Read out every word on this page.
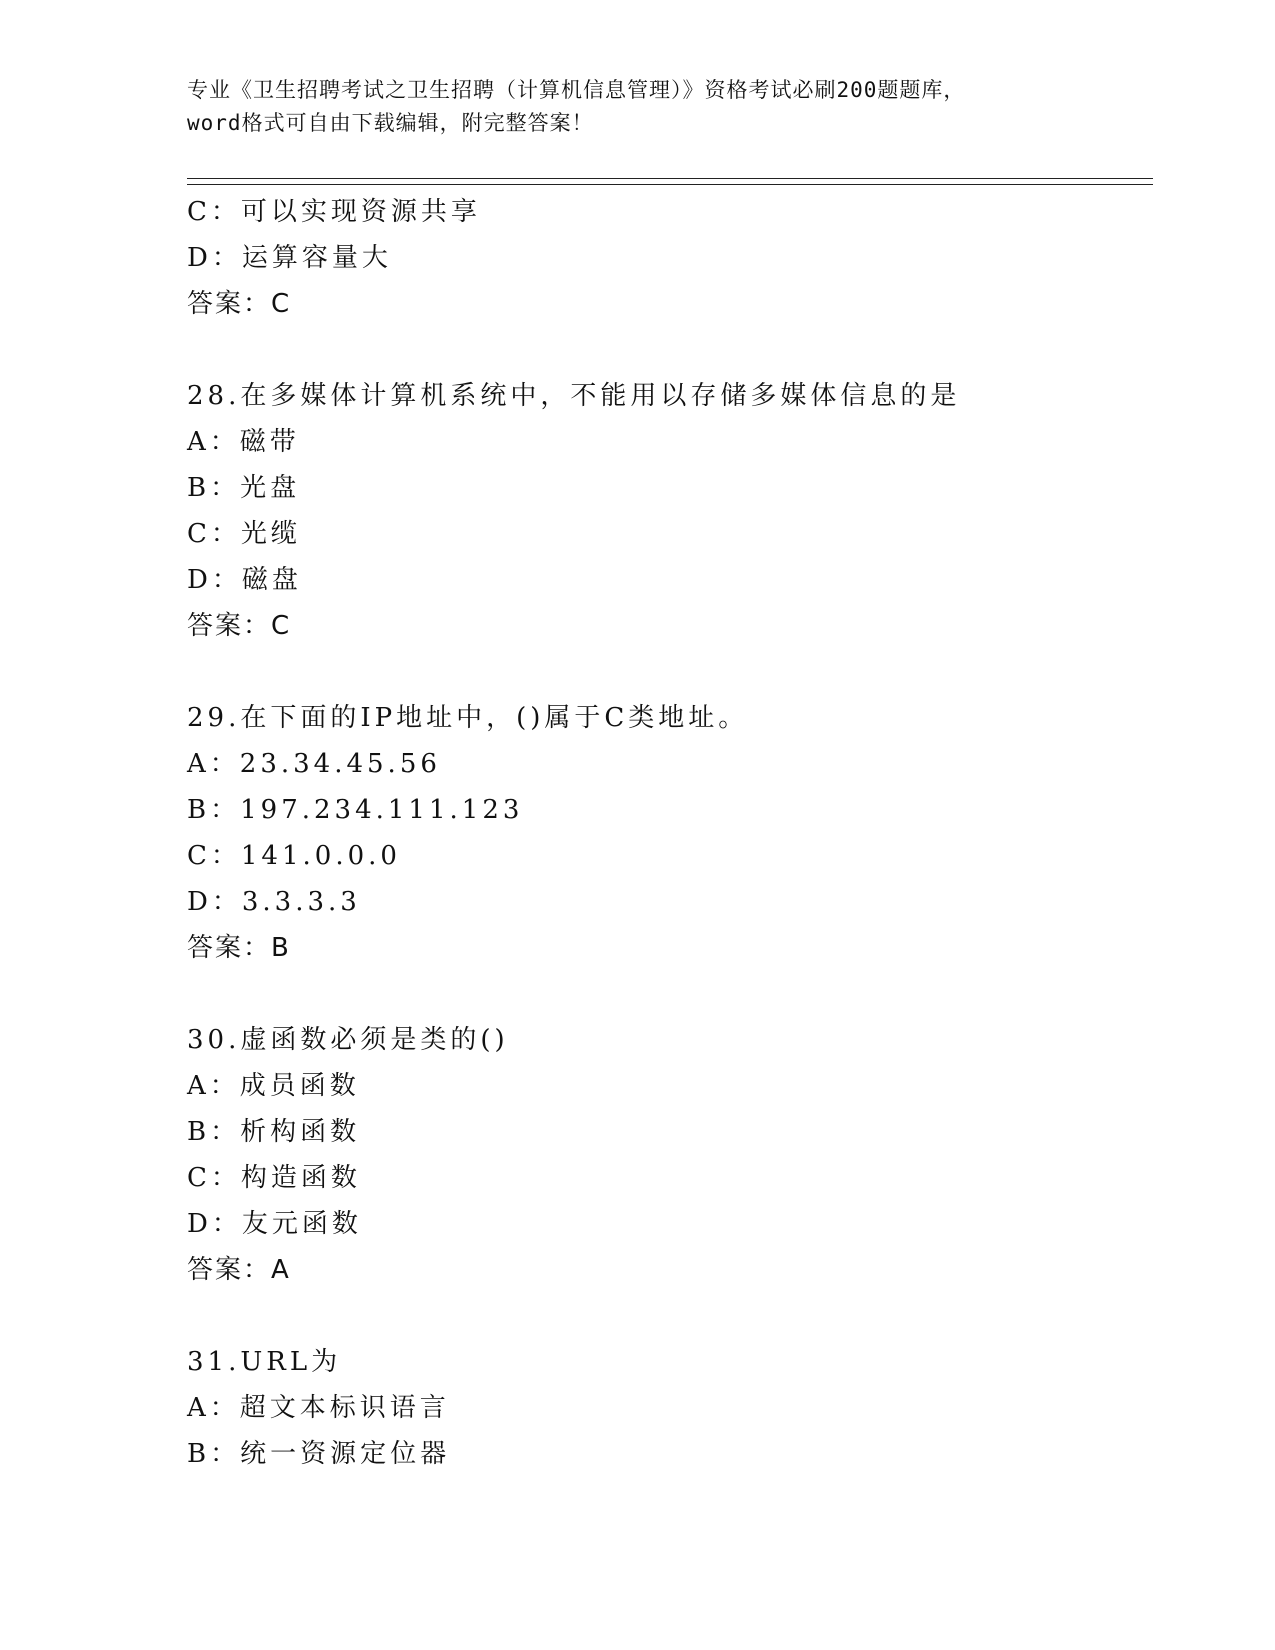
专业《卫生招聘考试之卫生招聘（计算机信息管理）》资格考试必刷200题题库，
word格式可自由下载编辑，附完整答案！
C：可以实现资源共享
D：运算容量大
答案：C
28.在多媒体计算机系统中，不能用以存储多媒体信息的是
A：磁带
B：光盘
C：光缆
D：磁盘
答案：C
29.在下面的IP地址中，()属于C类地址。
A：23.34.45.56
B：197.234.111.123
C：141.0.0.0
D：3.3.3.3
答案：B
30.虚函数必须是类的()
A：成员函数
B：析构函数
C：构造函数
D：友元函数
答案：A
31.URL为
A：超文本标识语言
B：统一资源定位器
